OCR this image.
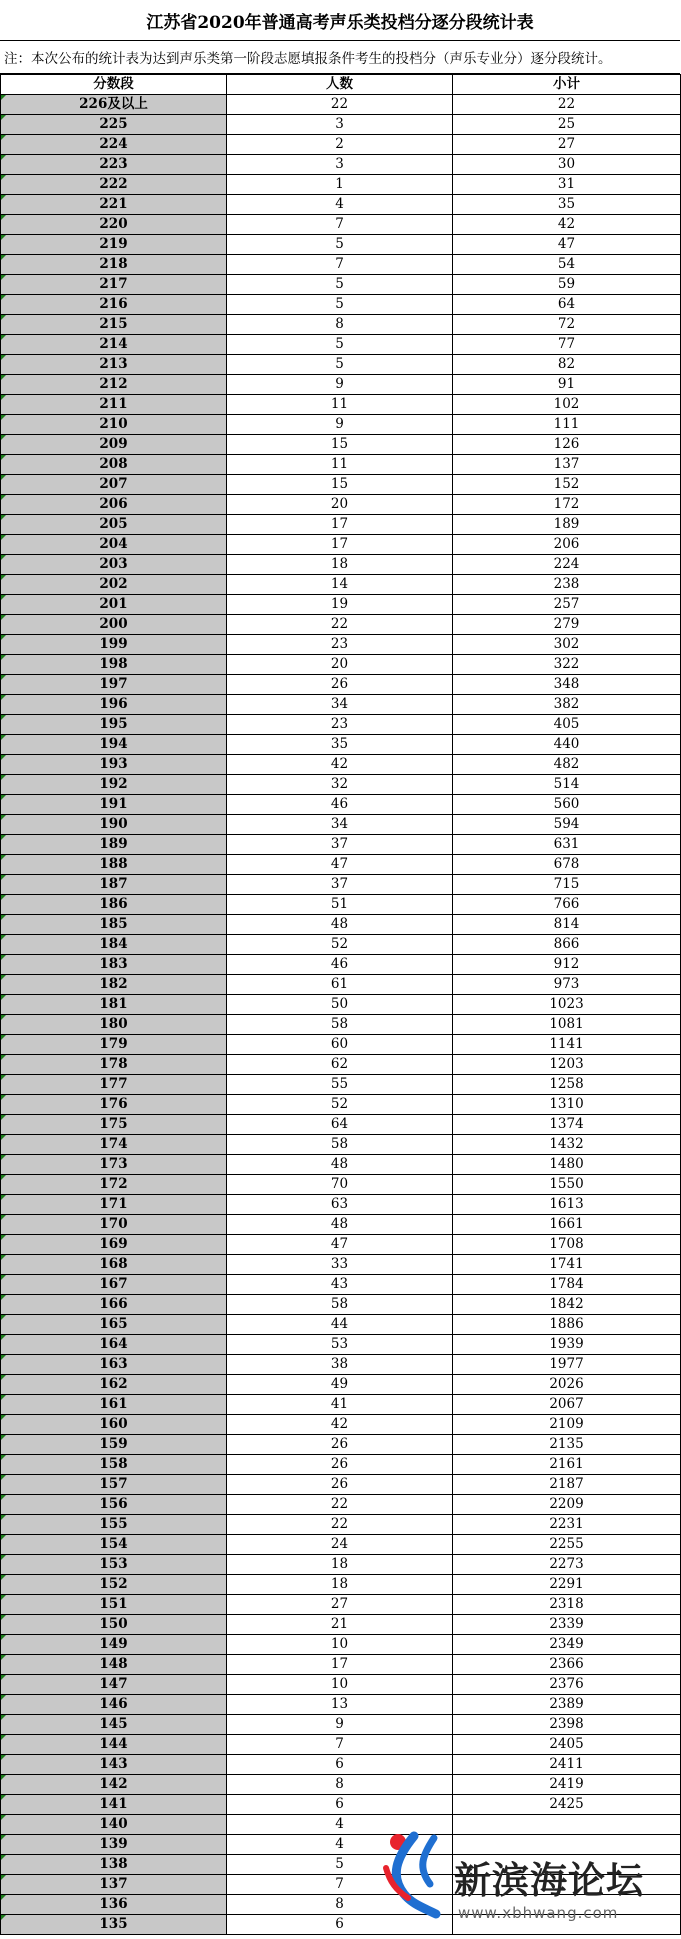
江苏省2020年普通高考声乐类投档分逐分段统计表
注：本次公布的统计表为达到声乐类第一阶段志愿填报条件考生的投档分（声乐专业分）逐分段统计。
分数段	人数	小计
226及以上	22	22
225	3	25
224	2	27
223	3	30
222	1	31
221	4	35
220	7	42
219	5	47
218	7	54
217	5	59
216	5	64
215	8	72
214	5	77
213	5	82
212	9	91
211	11	102
210	9	111
209	15	126
208	11	137
207	15	152
206	20	172
205	17	189
204	17	206
203	18	224
202	14	238
201	19	257
200	22	279
199	23	302
198	20	322
197	26	348
196	34	382
195	23	405
194	35	440
193	42	482
192	32	514
191	46	560
190	34	594
189	37	631
188	47	678
187	37	715
186	51	766
185	48	814
184	52	866
183	46	912
182	61	973
181	50	1023
180	58	1081
179	60	1141
178	62	1203
177	55	1258
176	52	1310
175	64	1374
174	58	1432
173	48	1480
172	70	1550
171	63	1613
170	48	1661
169	47	1708
168	33	1741
167	43	1784
166	58	1842
165	44	1886
164	53	1939
163	38	1977
162	49	2026
161	41	2067
160	42	2109
159	26	2135
158	26	2161
157	26	2187
156	22	2209
155	22	2231
154	24	2255
153	18	2273
152	18	2291
151	27	2318
150	21	2339
149	10	2349
148	17	2366
147	10	2376
146	13	2389
145	9	2398
144	7	2405
143	6	2411
142	8	2419
141	6	2425
140	4	
139	4	
138	5	
137	7	
136	8	
135	6	
新滨海论坛
www.xbhwang.com
